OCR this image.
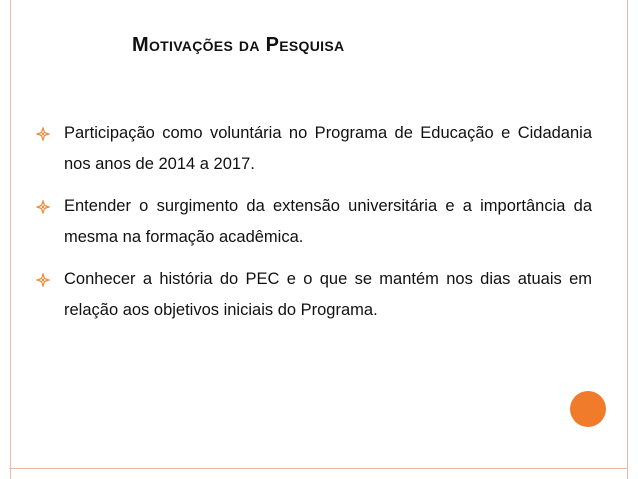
Motivações da Pesquisa
Participação como voluntária no Programa de Educação e Cidadania nos anos de 2014 a 2017.
Entender o surgimento da extensão universitária e a importância da mesma na formação acadêmica.
Conhecer a história do PEC e o que se mantém nos dias atuais em relação aos objetivos iniciais do Programa.
